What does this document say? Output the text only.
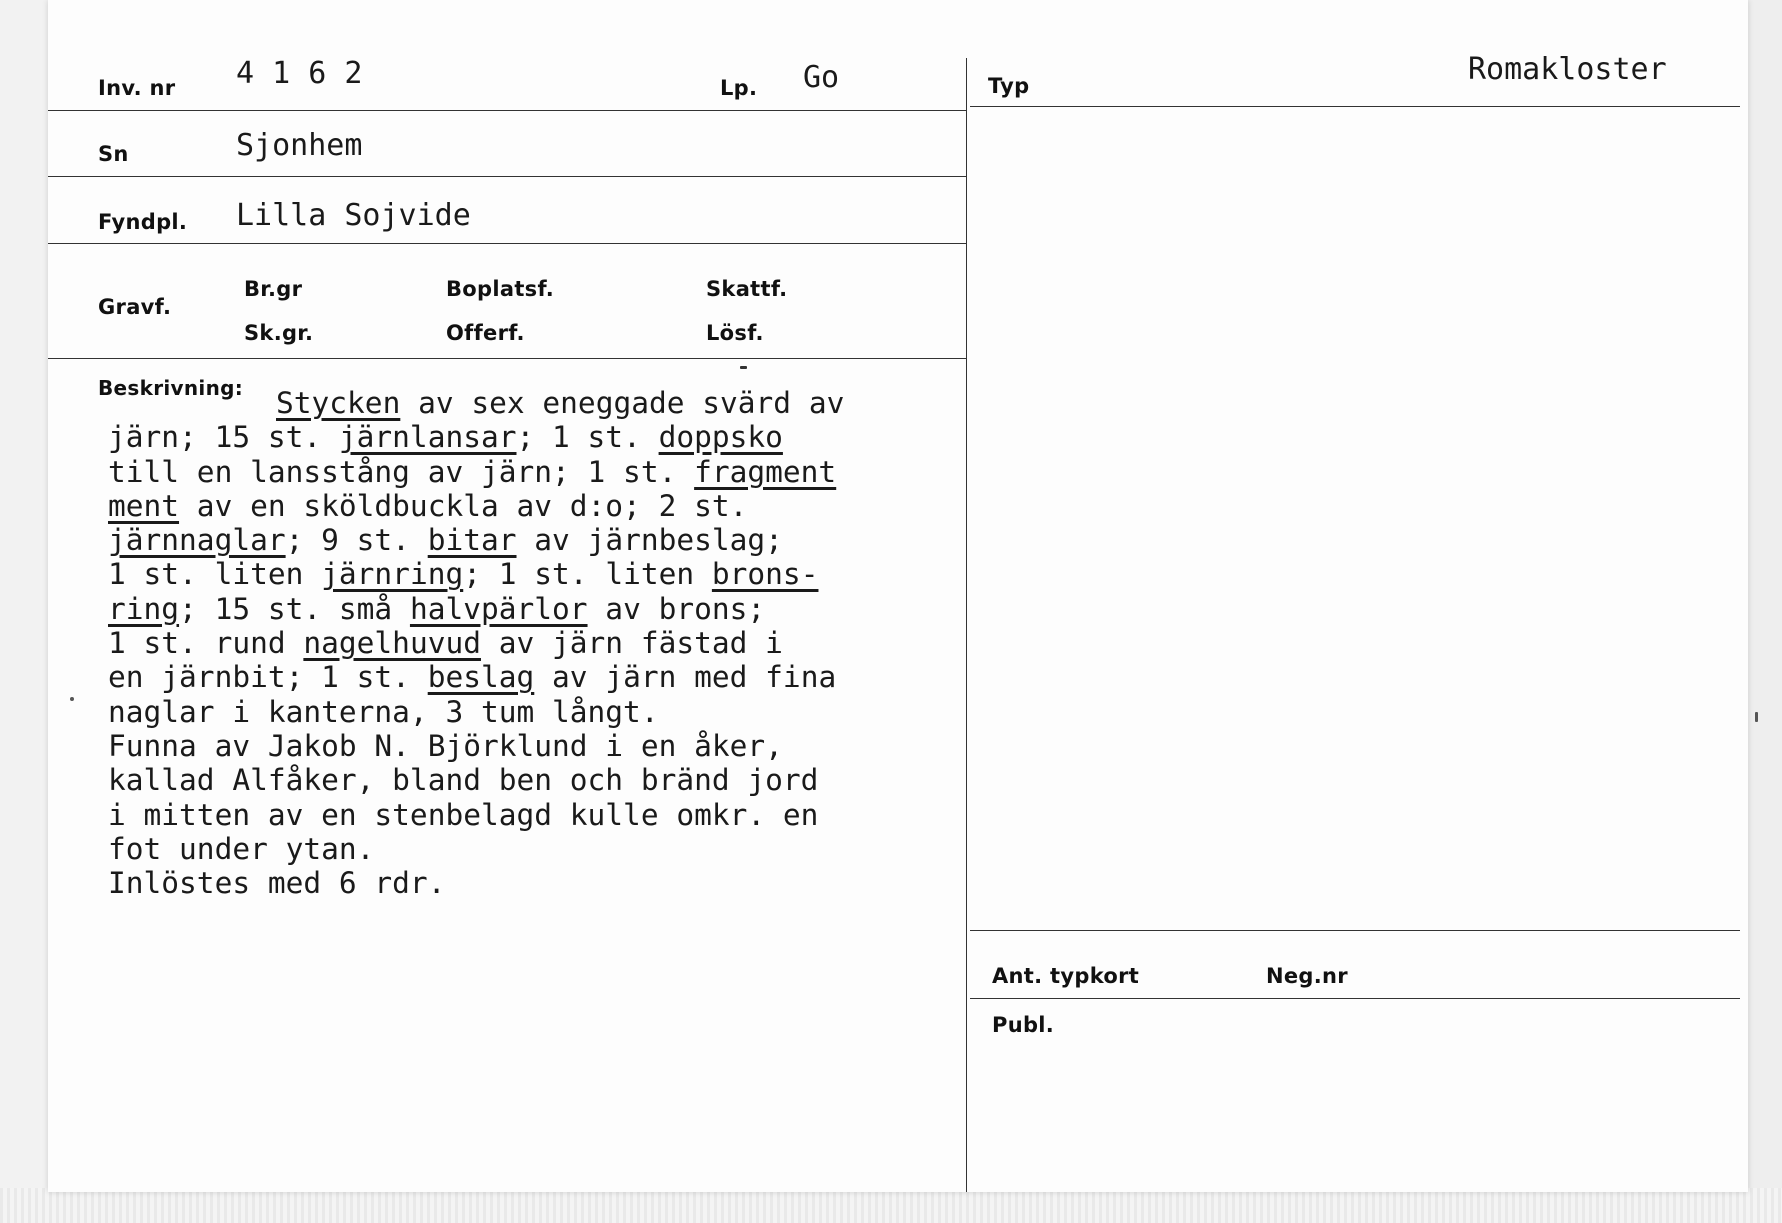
Inv. nr 4 1 6 2	Lp. Go	Typ	Romakloster
Sn	Sjonhem
Fyndpl. Lilla Sojvide
Gravf.
Br.gr	Boplatsf.	Skattf.
Sk.gr.	Offerf.	Lösf.
Beskrivning:	Stycken av sex eneggade svärd av
järn; 15 st. järnlansar; 1 st. doppsko
till en lansstång av järn; 1 st. fragment
ment av en sköldbuckla av d:o; 2 st.
järnnaglar; 9 st. bitar av järnbeslag;
1 st. liten järnring; 1 st. liten brons-
ring; 15 st. små halvpärlor av brons;
1 st. rund nagelhuvud av järn fästad i
en järnbit; 1 st. beslag av järn med fina
naglar i kanterna, 3 tum långt.
Funna av Jakob N. Björklund i en åker,
kallad Alfåker, bland ben och bränd jord
i mitten av en stenbelagd kulle omkr. en
fot under ytan.
Inlöstes med 6 rdr.
Ant. typkort	Neg.nr
Publ.
